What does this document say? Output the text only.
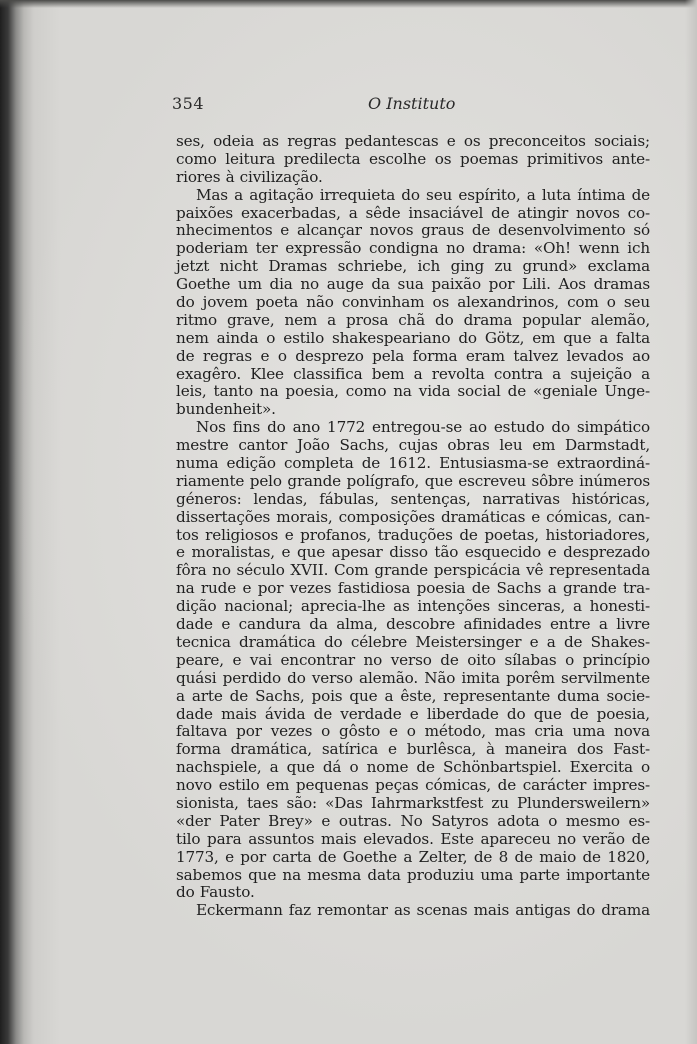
354	O Instituto
ses, odeia as regras pedantescas e os preconceitos sociais;
como leitura predilecta escolhe os poemas primitivos ante-
riores à civilização.
Mas a agitação irrequieta do seu espírito, a luta íntima de
paixões exacerbadas, a sêde insaciável de atingir novos co-
nhecimentos e alcançar novos graus de desenvolvimento só
poderiam ter expressão condigna no drama: «Oh! wenn ich
jetzt nicht Dramas schriebe, ich ging zu grund» exclama
Goethe um dia no auge da sua paixão por Lili. Aos dramas
do jovem poeta não convinham os alexandrinos, com o seu
ritmo grave, nem a prosa chã do drama popular alemão,
nem ainda o estilo shakespeariano do Götz, em que a falta
de regras e o desprezo pela forma eram talvez levados ao
exagêro. Klee classifica bem a revolta contra a sujeição a
leis, tanto na poesia, como na vida social de «geniale Unge-
bundenheit».
Nos fins do ano 1772 entregou-se ao estudo do simpático
mestre cantor João Sachs, cujas obras leu em Darmstadt,
numa edição completa de 1612. Entusiasma-se extraordiná-
riamente pelo grande polígrafo, que escreveu sôbre inúmeros
géneros: lendas, fábulas, sentenças, narrativas históricas,
dissertações morais, composições dramáticas e cómicas, can-
tos religiosos e profanos, traduções de poetas, historiadores,
e moralistas, e que apesar disso tão esquecido e desprezado
fôra no século XVII. Com grande perspicácia vê representada
na rude e por vezes fastidiosa poesia de Sachs a grande tra-
dição nacional; aprecia-lhe as intenções sinceras, a honesti-
dade e candura da alma, descobre afinidades entre a livre
tecnica dramática do célebre Meistersinger e a de Shakes-
peare, e vai encontrar no verso de oito sílabas o princípio
quási perdido do verso alemão. Não imita porêm servilmente
a arte de Sachs, pois que a êste, representante duma socie-
dade mais ávida de verdade e liberdade do que de poesia,
faltava por vezes o gôsto e o método, mas cria uma nova
forma dramática, satírica e burlêsca, à maneira dos Fast-
nachspiele, a que dá o nome de Schönbartspiel. Exercita o
novo estilo em pequenas peças cómicas, de carácter impres-
sionista, taes são: «Das Iahrmarkstfest zu Plundersweilern»
«der Pater Brey» e outras. No Satyros adota o mesmo es-
tilo para assuntos mais elevados. Este apareceu no verão de
1773, e por carta de Goethe a Zelter, de 8 de maio de 1820,
sabemos que na mesma data produziu uma parte importante
do Fausto.
Eckermann faz remontar as scenas mais antigas do drama
